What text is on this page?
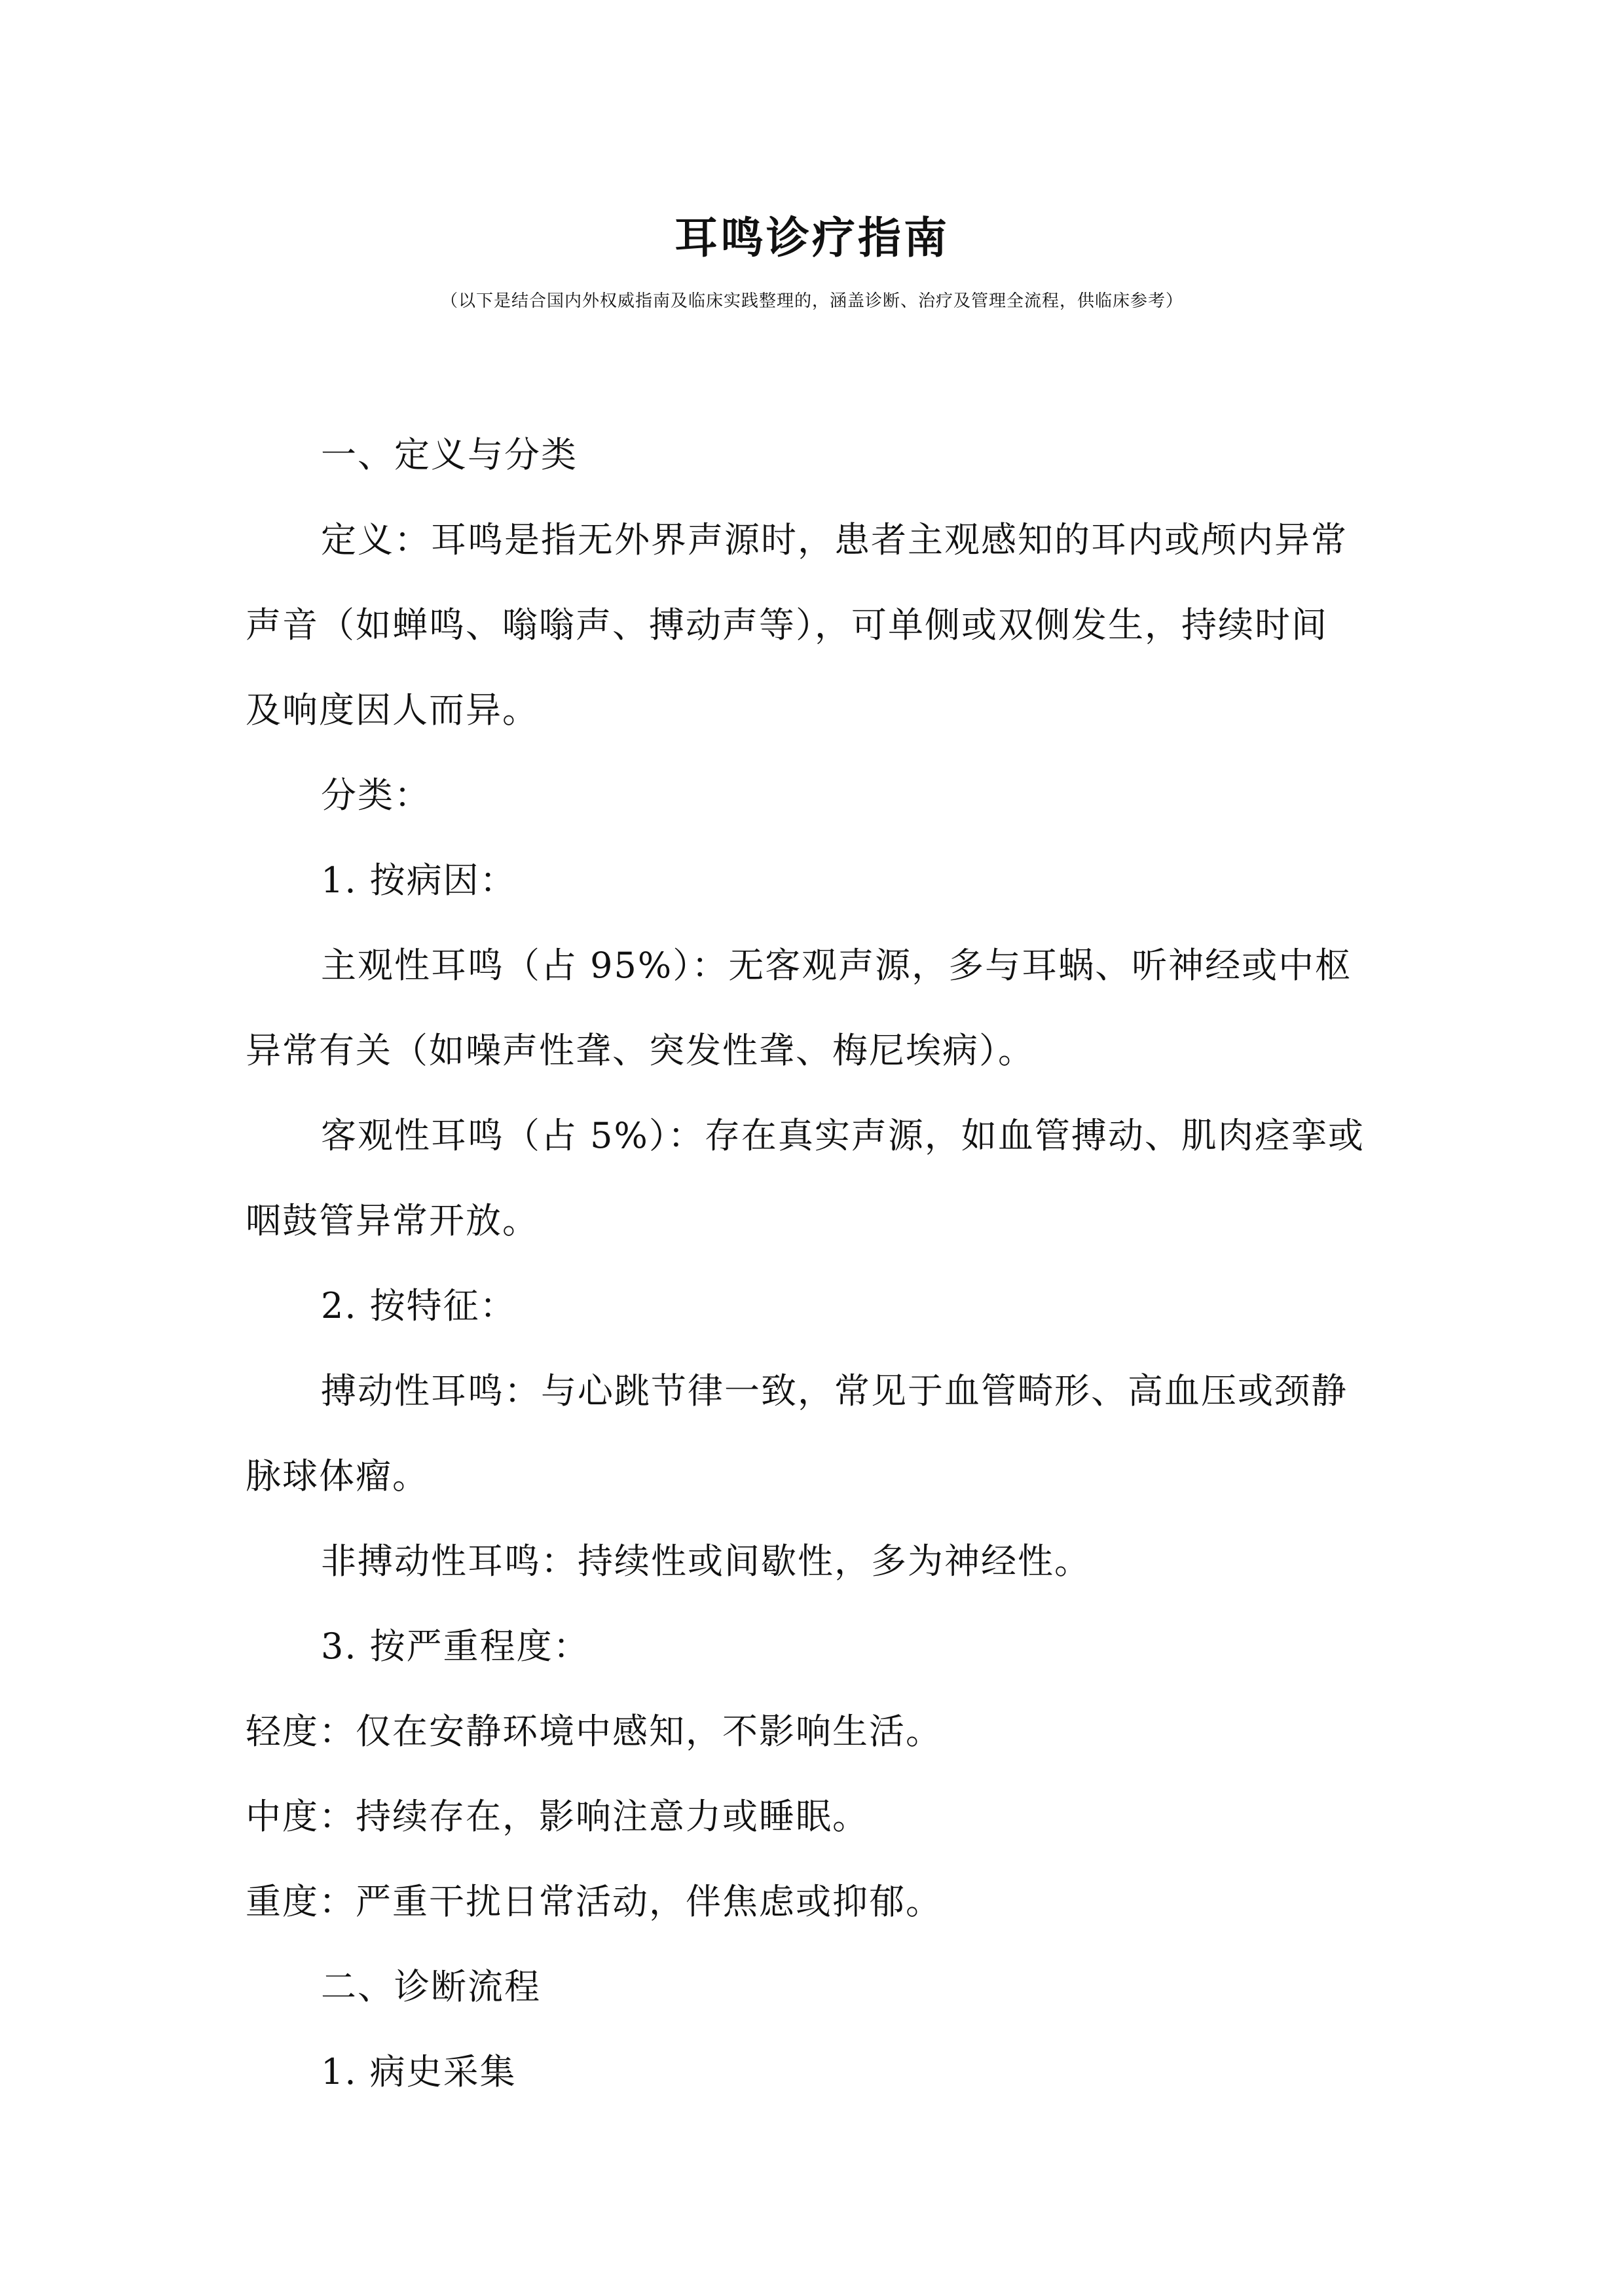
耳鸣诊疗指南
（以下是结合国内外权威指南及临床实践整理的，涵盖诊断、治疗及管理全流程，供临床参考）
一、定义与分类
定义：耳鸣是指无外界声源时，患者主观感知的耳内或颅内异常
声音（如蝉鸣、嗡嗡声、搏动声等），可单侧或双侧发生，持续时间
及响度因人而异。
分类：
1. 按病因：
主观性耳鸣（占 95%）：无客观声源，多与耳蜗、听神经或中枢
异常有关（如噪声性聋、突发性聋、梅尼埃病）。
客观性耳鸣（占 5%）：存在真实声源，如血管搏动、肌肉痉挛或
咽鼓管异常开放。
2. 按特征：
搏动性耳鸣：与心跳节律一致，常见于血管畸形、高血压或颈静
脉球体瘤。
非搏动性耳鸣：持续性或间歇性，多为神经性。
3. 按严重程度：
轻度：仅在安静环境中感知，不影响生活。
中度：持续存在，影响注意力或睡眠。
重度：严重干扰日常活动，伴焦虑或抑郁。
二、诊断流程
1. 病史采集
